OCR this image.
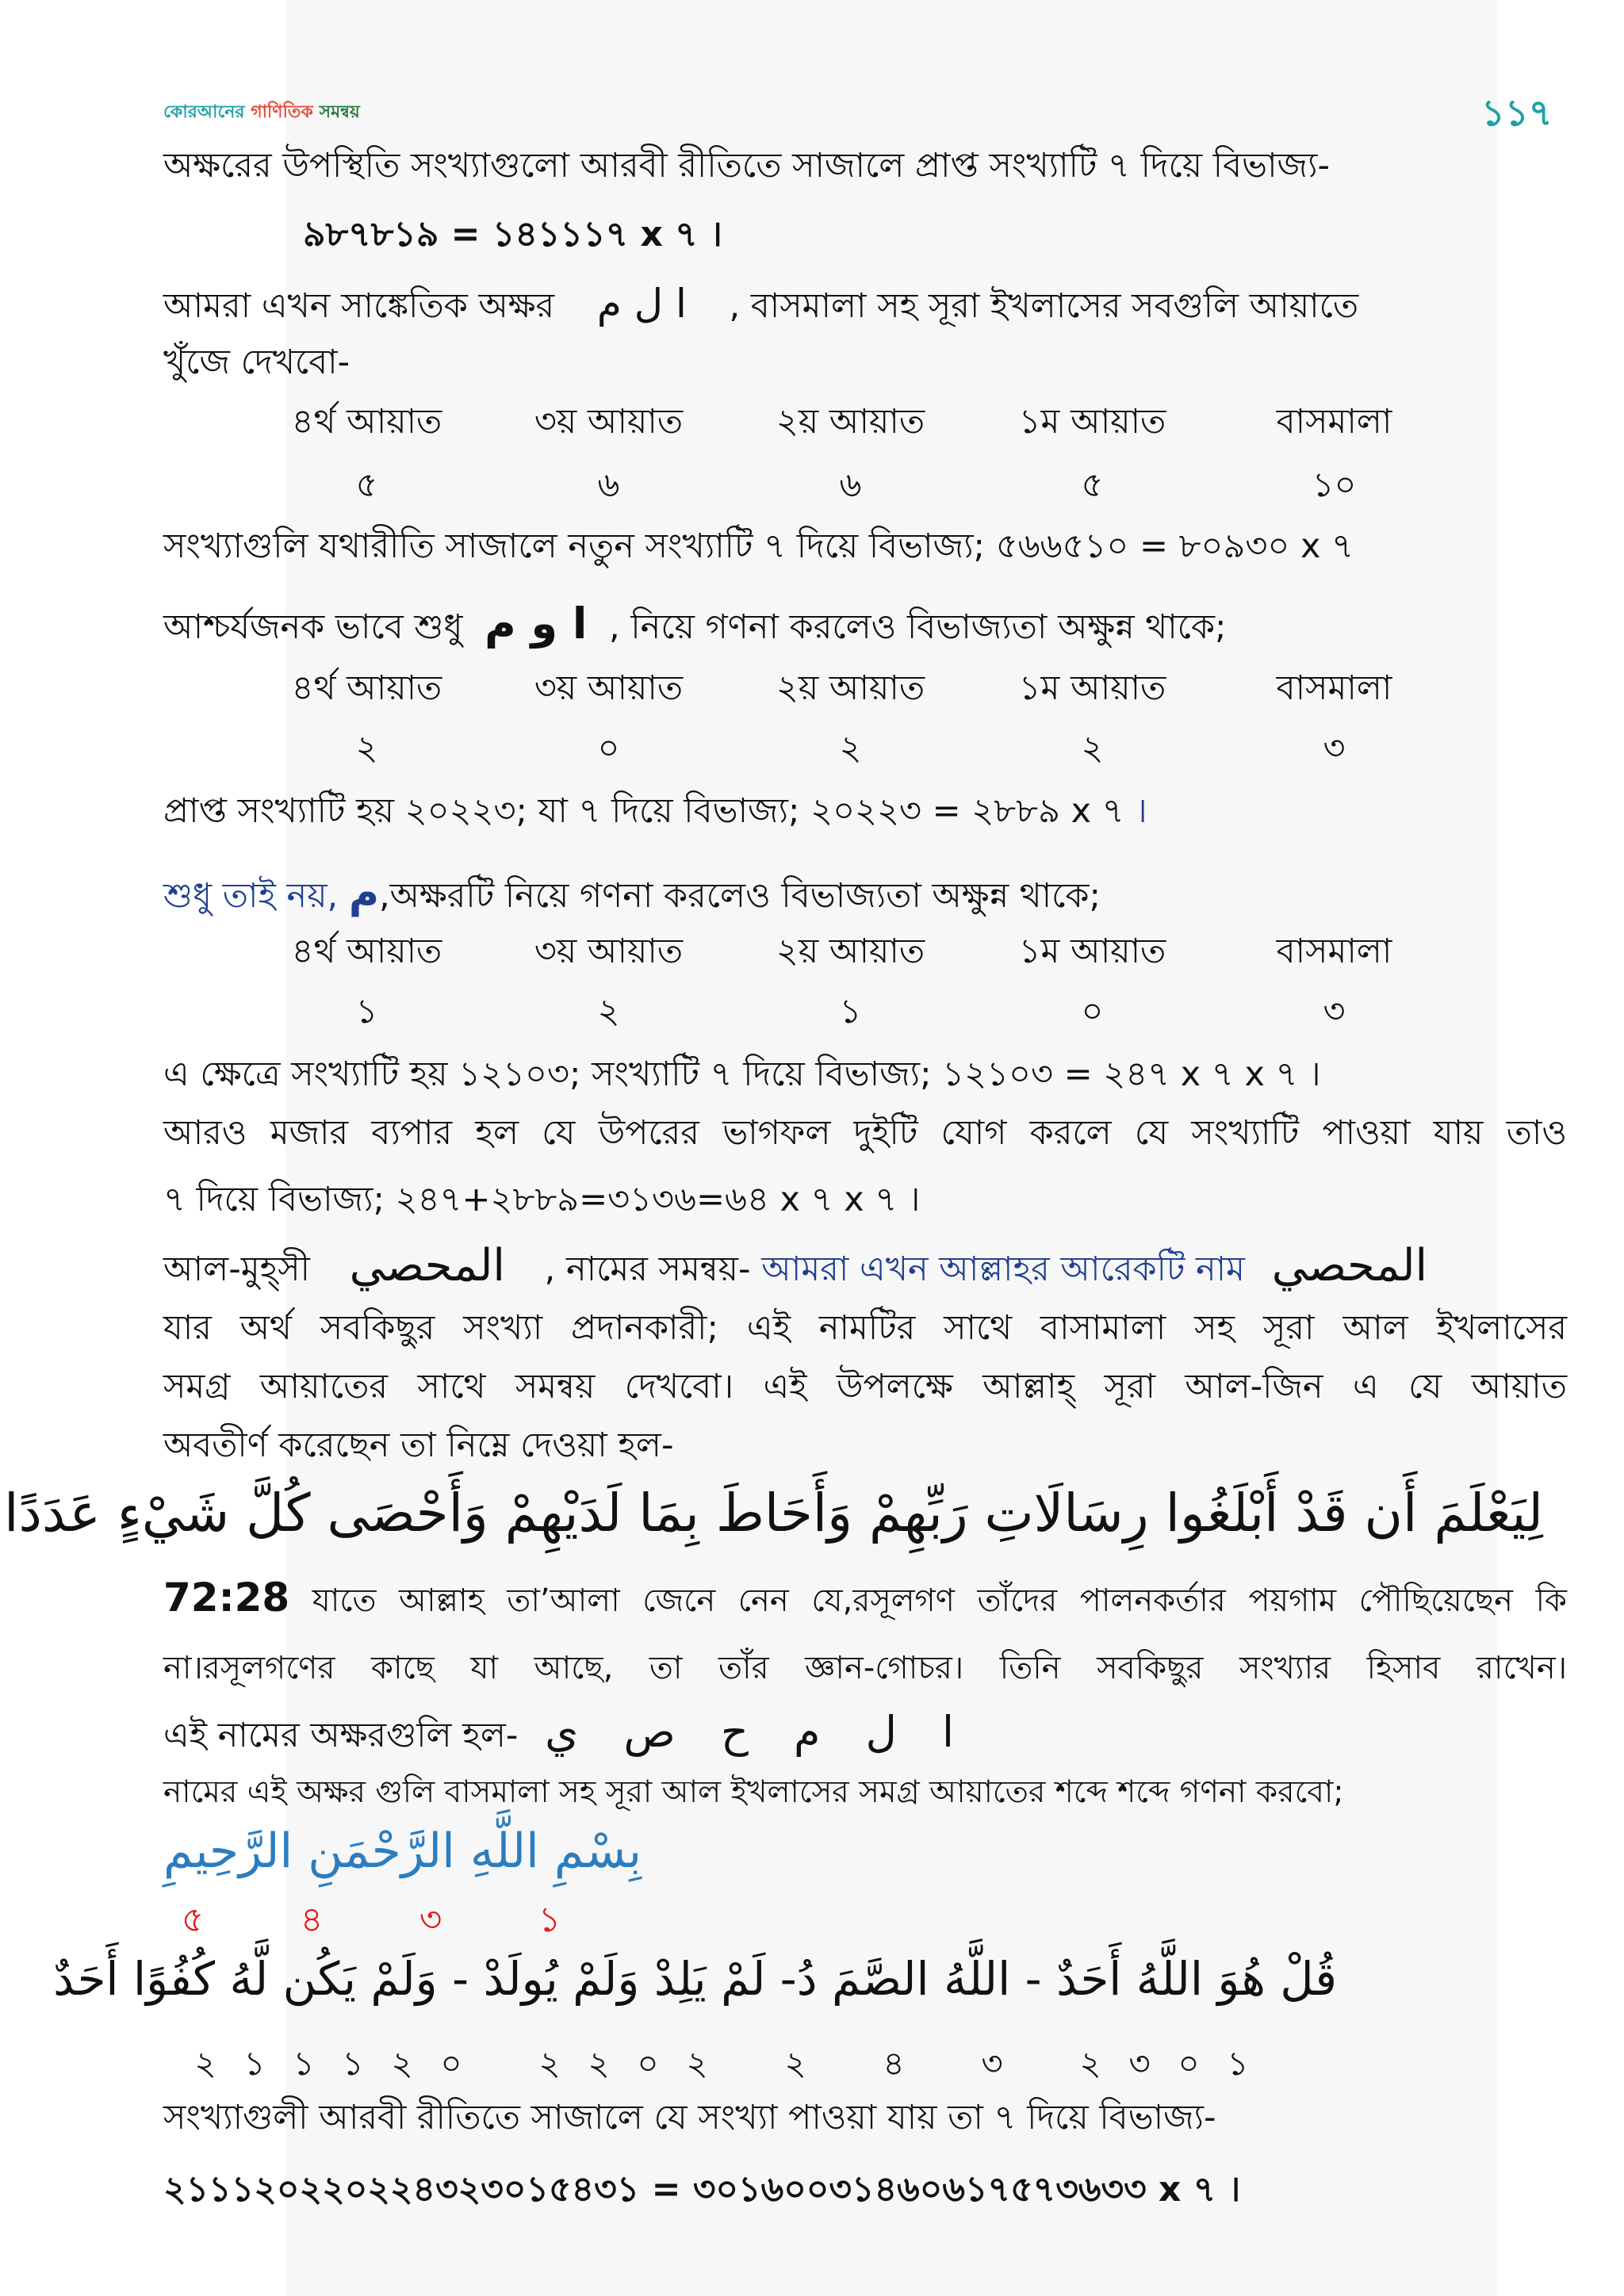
কোরআনের গাণিতিক সমন্বয়	১১৭
অক্ষরের উপস্থিতি সংখ্যাগুলো আরবী রীতিতে সাজালে প্রাপ্ত সংখ্যাটি ৭ দিয়ে বিভাজ্য-
৯৮৭৮১৯ = ১৪১১১৭ x ৭ ।
আমরা এখন সাঙ্কেতিক অক্ষর ا ل م , বাসমালা সহ সূরা ইখলাসের সবগুলি আয়াতে
খুঁজে দেখবো-
৪র্থ আয়াত	৩য় আয়াত	২য় আয়াত	১ম আয়াত	বাসমালা
৫	৬	৬	৫	১০
সংখ্যাগুলি যথারীতি সাজালে নতুন সংখ্যাটি ৭ দিয়ে বিভাজ্য; ৫৬৬৫১০ = ৮০৯৩০ x ৭
আশ্চর্যজনক ভাবে শুধু ا و م , নিয়ে গণনা করলেও বিভাজ্যতা অক্ষুন্ন থাকে;
৪র্থ আয়াত	৩য় আয়াত	২য় আয়াত	১ম আয়াত	বাসমালা
২	০	২	২	৩
প্রাপ্ত সংখ্যাটি হয় ২০২২৩; যা ৭ দিয়ে বিভাজ্য; ২০২২৩ = ২৮৮৯ x ৭ ।
শুধু তাই নয়, م,অক্ষরটি নিয়ে গণনা করলেও বিভাজ্যতা অক্ষুন্ন থাকে;
৪র্থ আয়াত	৩য় আয়াত	২য় আয়াত	১ম আয়াত	বাসমালা
১	২	১	০	৩
এ ক্ষেত্রে সংখ্যাটি হয় ১২১০৩; সংখ্যাটি ৭ দিয়ে বিভাজ্য; ১২১০৩ = ২৪৭ x ৭ x ৭ ।
আরও মজার ব্যপার হল যে উপরের ভাগফল দুইটি যোগ করলে যে সংখ্যাটি পাওয়া যায় তাও
৭ দিয়ে বিভাজ্য; ২৪৭+২৮৮৯=৩১৩৬=৬৪ x ৭ x ৭ ।
আল-মুহ্‌সী المحصي , নামের সমন্বয়- আমরা এখন আল্লাহর আরেকটি নাম المحصي
যার অর্থ সবকিছুর সংখ্যা প্রদানকারী; এই নামটির সাথে বাসামালা সহ সূরা আল ইখলাসের
সমগ্র আয়াতের সাথে সমন্বয় দেখবো। এই উপলক্ষে আল্লাহ্‌ সূরা আল-জিন এ যে আয়াত
অবতীর্ণ করেছেন তা নিম্নে দেওয়া হল-
لِيَعْلَمَ أَن قَدْ أَبْلَغُوا رِسَالَاتِ رَبِّهِمْ وَأَحَاطَ بِمَا لَدَيْهِمْ وَأَحْصَى كُلَّ شَيْءٍ عَدَدًا
72:28 যাতে আল্লাহ তা’আলা জেনে নেন যে,রসূলগণ তাঁদের পালনকর্তার পয়গাম পৌছিয়েছেন কি
না।রসূলগণের কাছে যা আছে, তা তাঁর জ্ঞান-গোচর। তিনি সবকিছুর সংখ্যার হিসাব রাখেন।
এই নামের অক্ষরগুলি হল- ا ل م ح ص ي
নামের এই অক্ষর গুলি বাসমালা সহ সূরা আল ইখলাসের সমগ্র আয়াতের শব্দে শব্দে গণনা করবো;
بِسْمِ اللَّهِ الرَّحْمَنِ الرَّحِيمِ
৫	৪	৩	১
قُلْ هُوَ اللَّهُ أَحَدٌ - اللَّهُ الصَّمَ دُ- لَمْ يَلِدْ وَلَمْ يُولَدْ - وَلَمْ يَكُن لَّهُ كُفُوًا أَحَدٌ
২ ১ ১ ১ ২ ০	২ ২ ০ ২	২	৪	৩	২ ৩ ০ ১
সংখ্যাগুলী আরবী রীতিতে সাজালে যে সংখ্যা পাওয়া যায় তা ৭ দিয়ে বিভাজ্য-
২১১১২০২২০২২৪৩২৩০১৫৪৩১ = ৩০১৬০০৩১৪৬০৬১৭৫৭৩৬৩৩ x ৭ ।
